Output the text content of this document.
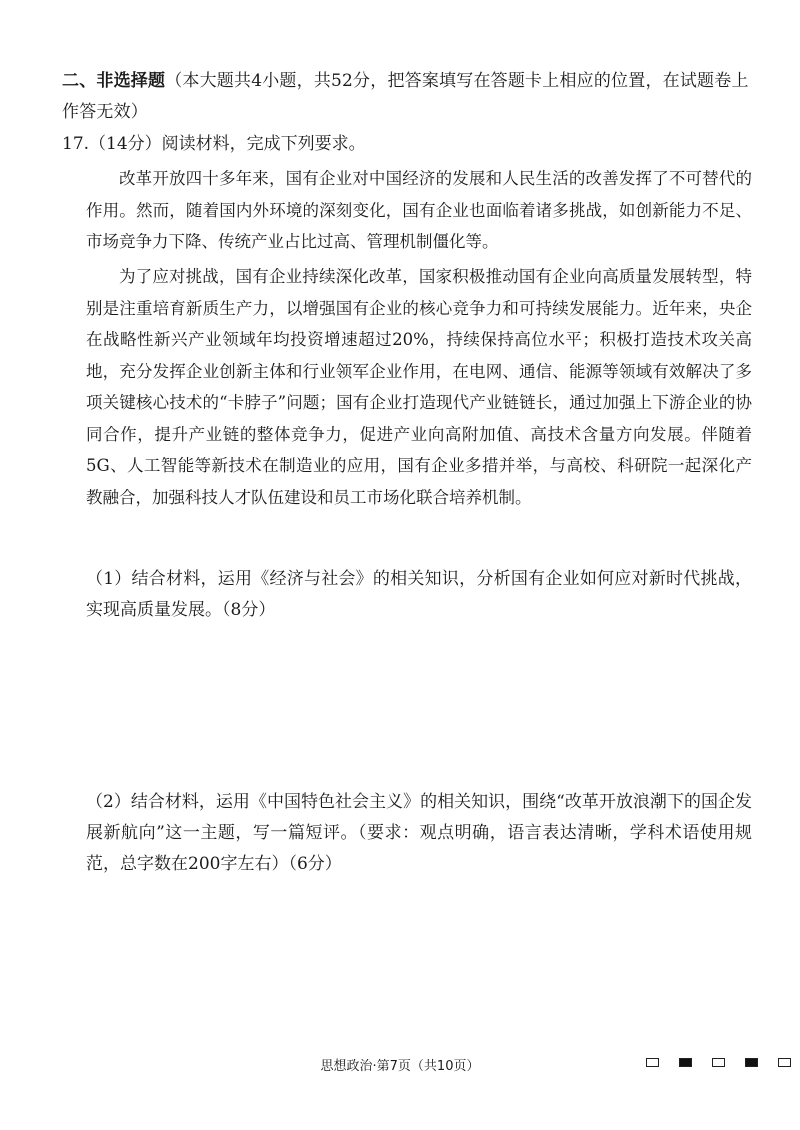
二、非选择题（本大题共4小题，共52分，把答案填写在答题卡上相应的位置，在试题卷上作答无效）
17.（14分）阅读材料，完成下列要求。

改革开放四十多年来，国有企业对中国经济的发展和人民生活的改善发挥了不可替代的作用。然而，随着国内外环境的深刻变化，国有企业也面临着诸多挑战，如创新能力不足、市场竞争力下降、传统产业占比过高、管理机制僵化等。

为了应对挑战，国有企业持续深化改革，国家积极推动国有企业向高质量发展转型，特别是注重培育新质生产力，以增强国有企业的核心竞争力和可持续发展能力。近年来，央企在战略性新兴产业领域年均投资增速超过20%，持续保持高位水平；积极打造技术攻关高地，充分发挥企业创新主体和行业领军企业作用，在电网、通信、能源等领域有效解决了多项关键核心技术的“卡脖子”问题；国有企业打造现代产业链链长，通过加强上下游企业的协同合作，提升产业链的整体竞争力，促进产业向高附加值、高技术含量方向发展。伴随着5G、人工智能等新技术在制造业的应用，国有企业多措并举，与高校、科研院一起深化产教融合，加强科技人才队伍建设和员工市场化联合培养机制。

（1）结合材料，运用《经济与社会》的相关知识，分析国有企业如何应对新时代挑战，实现高质量发展。（8分）

（2）结合材料，运用《中国特色社会主义》的相关知识，围绕“改革开放浪潮下的国企发展新航向”这一主题，写一篇短评。（要求：观点明确，语言表达清晰，学科术语使用规范，总字数在200字左右）（6分）

思想政治·第7页（共10页）
